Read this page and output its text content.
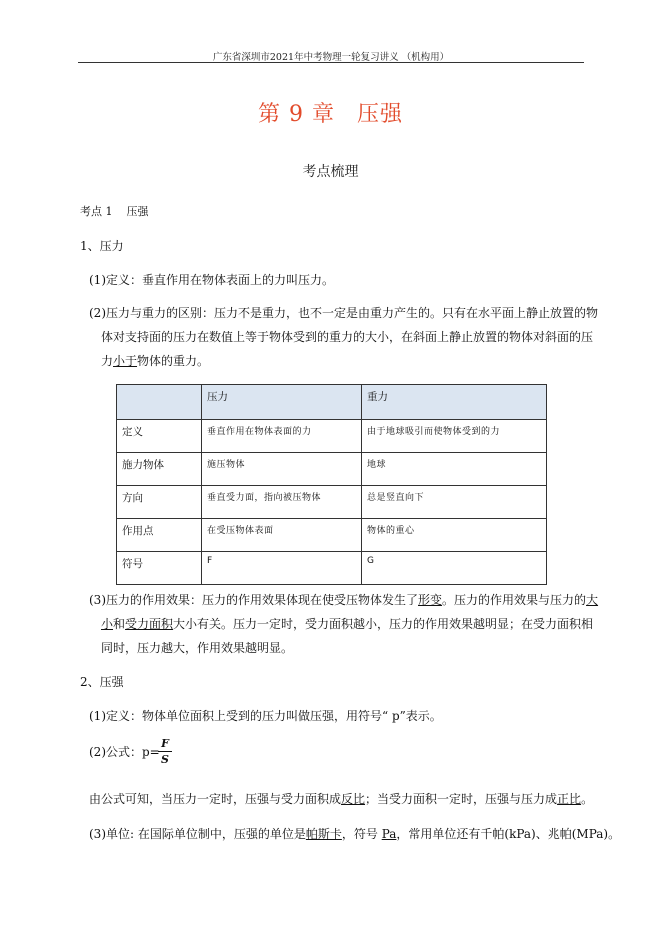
广东省深圳市2021年中考物理一轮复习讲义 （机构用）
第 9 章 压强
考点梳理
考点 1 压强
1、压力
(1)定义：垂直作用在物体表面上的力叫压力。
(2)压力与重力的区别：压力不是重力，也不一定是由重力产生的。只有在水平面上静止放置的物
体对支持面的压力在数值上等于物体受到的重力的大小，在斜面上静止放置的物体对斜面的压
力小于物体的重力。
	压力	重力
定义	垂直作用在物体表面的力	由于地球吸引而使物体受到的力
施力物体	施压物体	地球
方向	垂直受力面，指向被压物体	总是竖直向下
作用点	在受压物体表面	物体的重心
符号	F	G
(3)压力的作用效果：压力的作用效果体现在使受压物体发生了形变。压力的作用效果与压力的大
小和受力面积大小有关。压力一定时，受力面积越小，压力的作用效果越明显；在受力面积相
同时，压力越大，作用效果越明显。
2、压强
(1)定义：物体单位面积上受到的压力叫做压强，用符号“ p”表示。
(2)公式：p=
F
S
由公式可知，当压力一定时，压强与受力面积成反比；当受力面积一定时，压强与压力成正比。
(3)单位: 在国际单位制中，压强的单位是帕斯卡，符号 Pa，常用单位还有千帕(kPa)、兆帕(MPa)。
